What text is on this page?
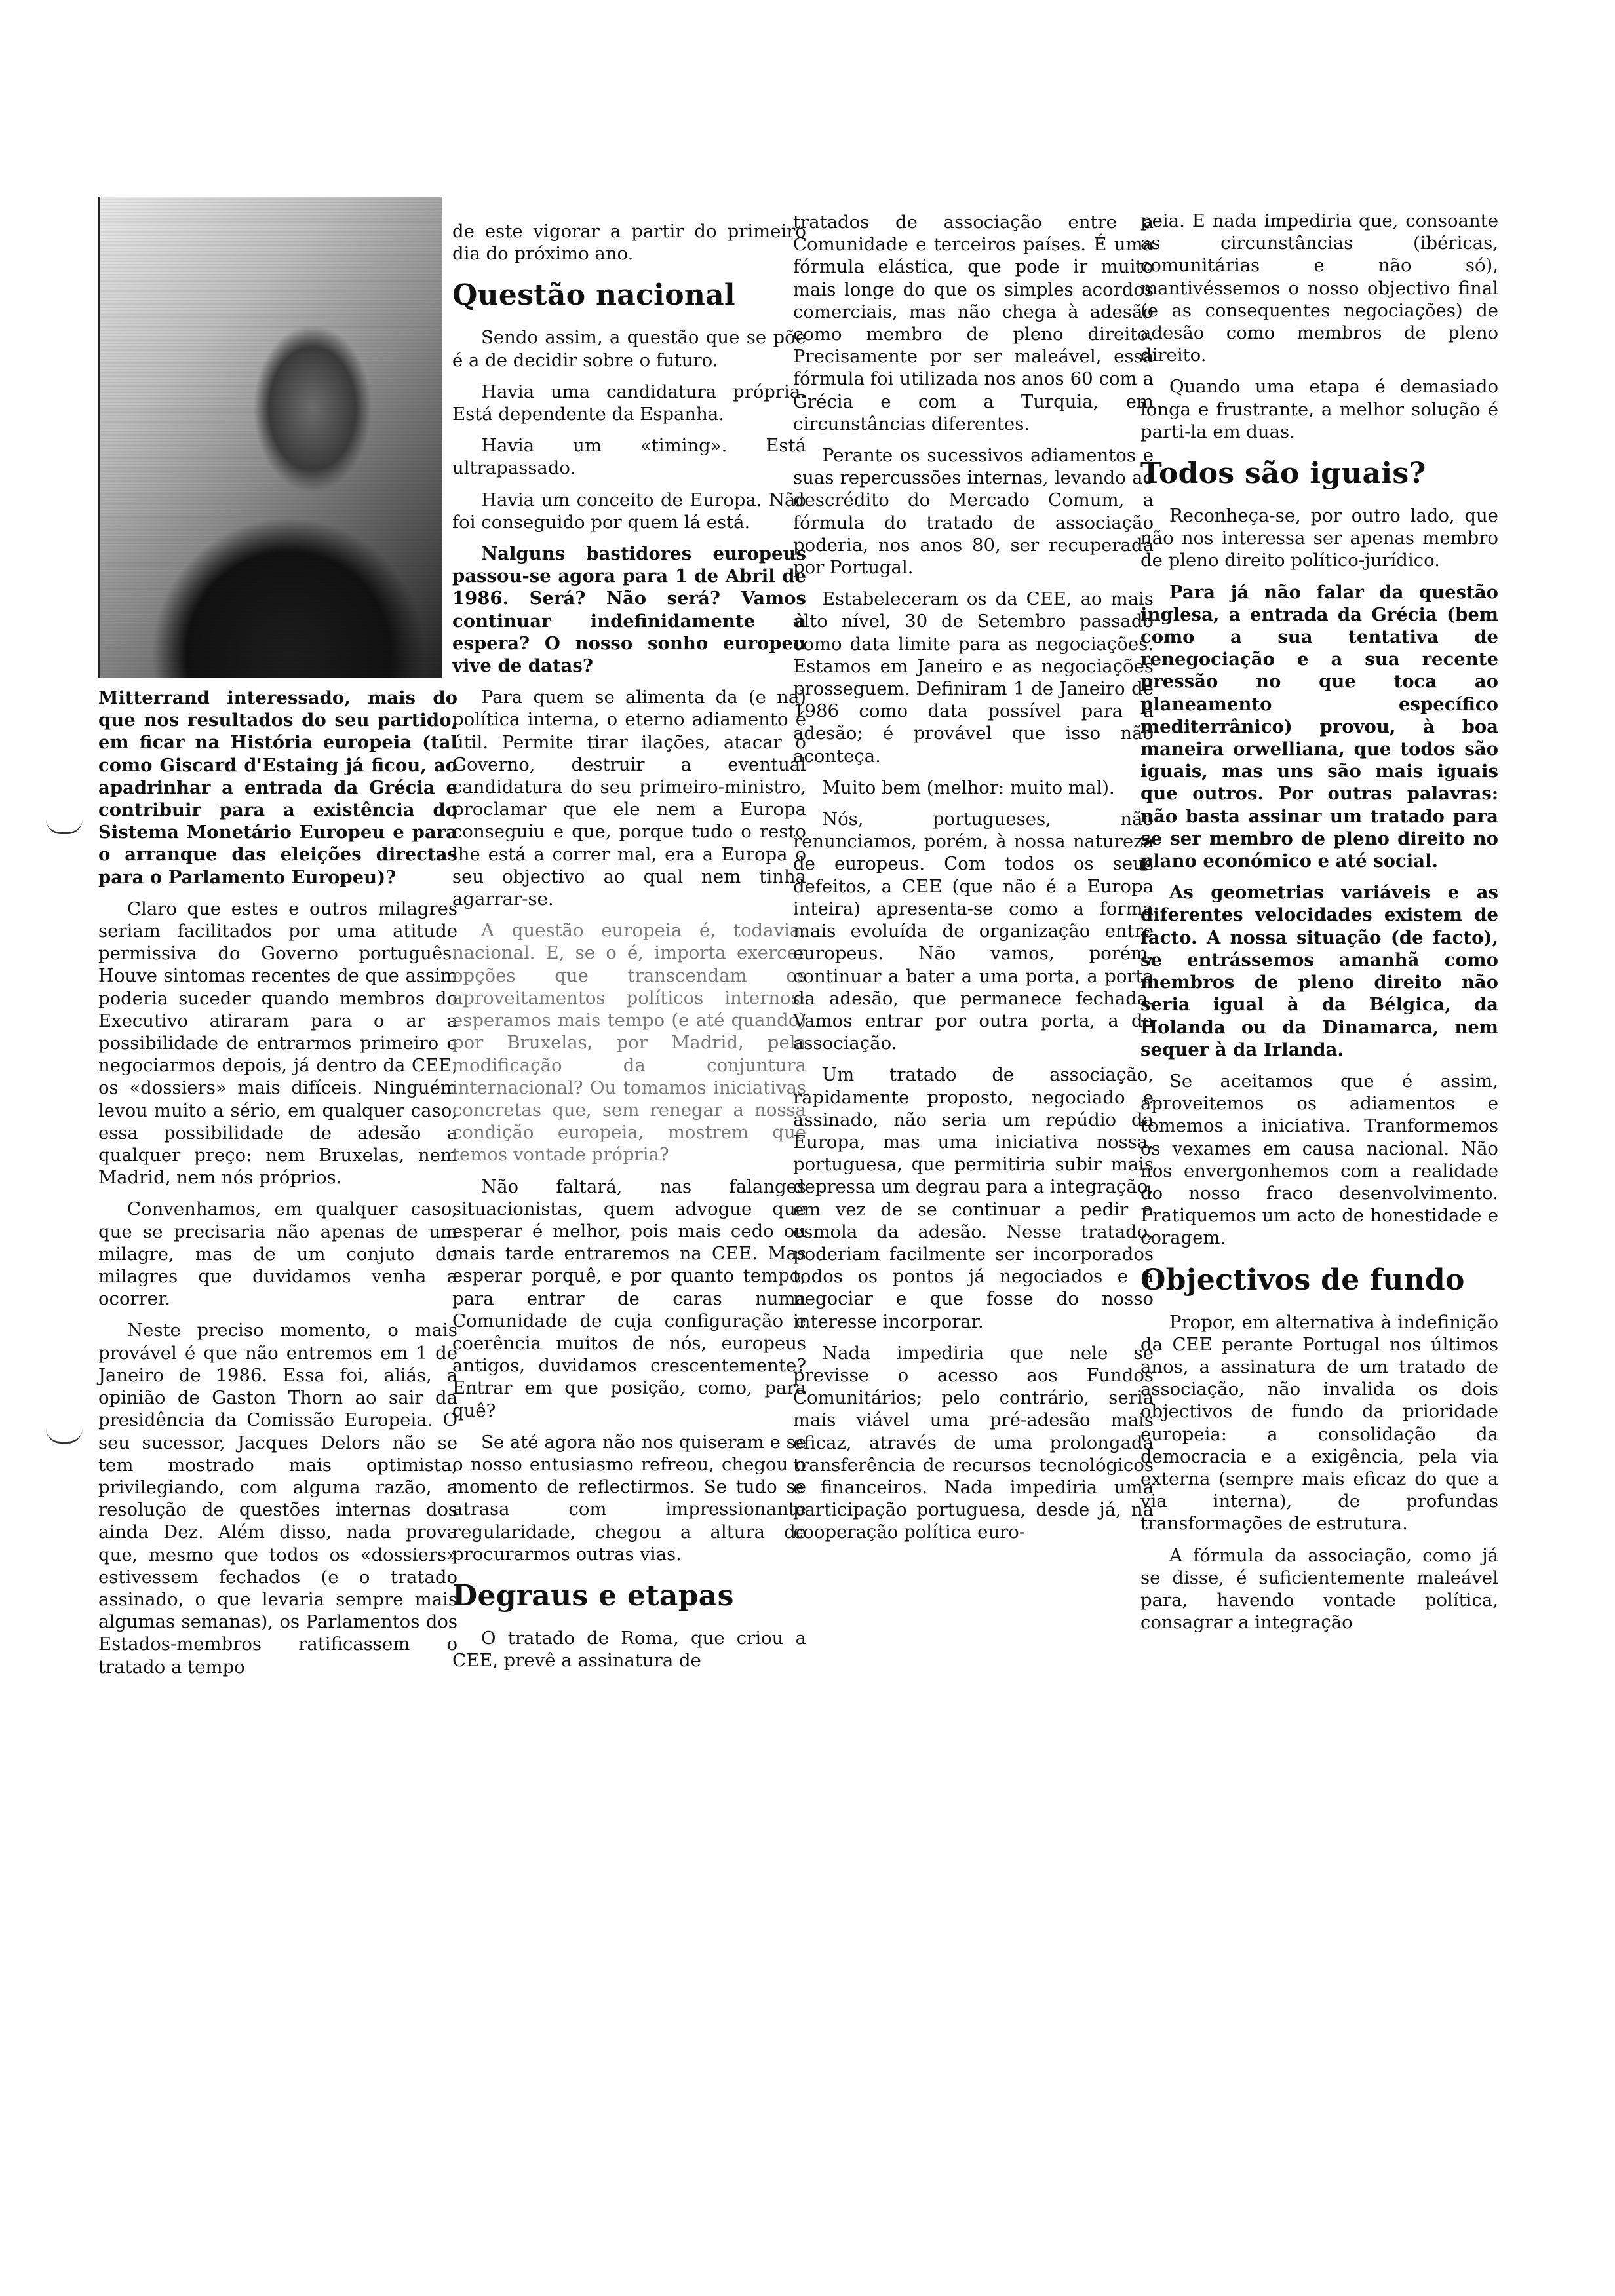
Mitterrand interessado, mais do que nos resultados do seu partido, em ficar na História europeia (tal como Giscard d'Estaing já ficou, ao apadrinhar a entrada da Grécia e contribuir para a existência do Sistema Monetário Europeu e para o arranque das eleições directas para o Parlamento Europeu)?

Claro que estes e outros milagres seriam facilitados por uma atitude permissiva do Governo português. Houve sintomas recentes de que assim poderia suceder quando membros do Executivo atiraram para o ar a possibilidade de entrarmos primeiro e negociarmos depois, já dentro da CEE, os «dossiers» mais difíceis. Ninguém levou muito a sério, em qualquer caso, essa possibilidade de adesão a qualquer preço: nem Bruxelas, nem Madrid, nem nós próprios.

Convenhamos, em qualquer caso, que se precisaria não apenas de um milagre, mas de um conjuto de milagres que duvidamos venha a ocorrer.

Neste preciso momento, o mais provável é que não entremos em 1 de Janeiro de 1986. Essa foi, aliás, a opinião de Gaston Thorn ao sair da presidência da Comissão Europeia. O seu sucessor, Jacques Delors não se tem mostrado mais optimista, privilegiando, com alguma razão, a resolução de questões internas dos ainda Dez. Além disso, nada prova que, mesmo que todos os «dossiers» estivessem fechados (e o tratado assinado, o que levaria sempre mais algumas semanas), os Parlamentos dos Estados-membros ratificassem o tratado a tempo

de este vigorar a partir do primeiro dia do próximo ano.

Questão nacional

Sendo assim, a questão que se põe é a de decidir sobre o futuro.

Havia uma candidatura própria. Está dependente da Espanha.

Havia um «timing». Está ultrapassado.

Havia um conceito de Europa. Não foi conseguido por quem lá está.

Nalguns bastidores europeus passou-se agora para 1 de Abril de 1986. Será? Não será? Vamos continuar indefinidamente à espera? O nosso sonho europeu vive de datas?

Para quem se alimenta da (e na) política interna, o eterno adiamento é útil. Permite tirar ilações, atacar o Governo, destruir a eventual candidatura do seu primeiro-ministro, proclamar que ele nem a Europa conseguiu e que, porque tudo o resto lhe está a correr mal, era a Europa o seu objectivo ao qual nem tinha agarrar-se.

A questão europeia é, todavia, nacional. E, se o é, importa exercer opções que transcendam os aproveitamentos políticos internos: esperamos mais tempo (e até quando) por Bruxelas, por Madrid, pela modificação da conjuntura internacional? Ou tomamos iniciativas concretas que, sem renegar a nossa condição europeia, mostrem que temos vontade própria?

Não faltará, nas falanges situacionistas, quem advogue que esperar é melhor, pois mais cedo ou mais tarde entraremos na CEE. Mas esperar porquê, e por quanto tempo, para entrar de caras numa Comunidade de cuja configuração e coerência muitos de nós, europeus antigos, duvidamos crescentemente? Entrar em que posição, como, para quê?

Se até agora não nos quiseram e se o nosso entusiasmo refreou, chegou o momento de reflectirmos. Se tudo se atrasa com impressionante regularidade, chegou a altura de procurarmos outras vias.

Degraus e etapas

O tratado de Roma, que criou a CEE, prevê a assinatura de

tratados de associação entre a Comunidade e terceiros países. É uma fórmula elástica, que pode ir muito mais longe do que os simples acordos comerciais, mas não chega à adesão como membro de pleno direito. Precisamente por ser maleável, essa fórmula foi utilizada nos anos 60 com a Grécia e com a Turquia, em circunstâncias diferentes.

Perante os sucessivos adiamentos e suas repercussões internas, levando ao descrédito do Mercado Comum, a fórmula do tratado de associação poderia, nos anos 80, ser recuperada por Portugal.

Estabeleceram os da CEE, ao mais alto nível, 30 de Setembro passado como data limite para as negociações. Estamos em Janeiro e as negociações prosseguem. Definiram 1 de Janeiro de 1986 como data possível para a adesão; é provável que isso não aconteça.

Muito bem (melhor: muito mal).

Nós, portugueses, não renunciamos, porém, à nossa natureza de europeus. Com todos os seus defeitos, a CEE (que não é a Europa inteira) apresenta-se como a forma mais evoluída de organização entre europeus. Não vamos, porém, continuar a bater a uma porta, a porta da adesão, que permanece fechada. Vamos entrar por outra porta, a da associação.

Um tratado de associação, rapidamente proposto, negociado e assinado, não seria um repúdio da Europa, mas uma iniciativa nossa, portuguesa, que permitiria subir mais depressa um degrau para a integração, em vez de se continuar a pedir a esmola da adesão. Nesse tratado, poderiam facilmente ser incorporados todos os pontos já negociados e a negociar e que fosse do nosso interesse incorporar.

Nada impediria que nele se previsse o acesso aos Fundos Comunitários; pelo contrário, seria mais viável uma pré-adesão mais eficaz, através de uma prolongada transferência de recursos tecnológicos e financeiros. Nada impediria uma participação portuguesa, desde já, na cooperação política euro-

peia. E nada impediria que, consoante as circunstâncias (ibéricas, comunitárias e não só), mantivéssemos o nosso objectivo final (e as consequentes negociações) de adesão como membros de pleno direito.

Quando uma etapa é demasiado longa e frustrante, a melhor solução é parti-la em duas.

Todos são iguais?

Reconheça-se, por outro lado, que não nos interessa ser apenas membro de pleno direito político-jurídico.

Para já não falar da questão inglesa, a entrada da Grécia (bem como a sua tentativa de renegociação e a sua recente pressão no que toca ao planeamento específico mediterrânico) provou, à boa maneira orwelliana, que todos são iguais, mas uns são mais iguais que outros. Por outras palavras: não basta assinar um tratado para se ser membro de pleno direito no plano económico e até social.

As geometrias variáveis e as diferentes velocidades existem de facto. A nossa situação (de facto), se entrássemos amanhã como membros de pleno direito não seria igual à da Bélgica, da Holanda ou da Dinamarca, nem sequer à da Irlanda.

Se aceitamos que é assim, aproveitemos os adiamentos e tomemos a iniciativa. Tranformemos os vexames em causa nacional. Não nos envergonhemos com a realidade do nosso fraco desenvolvimento. Pratiquemos um acto de honestidade e coragem.

Objectivos de fundo

Propor, em alternativa à indefinição da CEE perante Portugal nos últimos anos, a assinatura de um tratado de associação, não invalida os dois objectivos de fundo da prioridade europeia: a consolidação da democracia e a exigência, pela via externa (sempre mais eficaz do que a via interna), de profundas transformações de estrutura.

A fórmula da associação, como já se disse, é suficientemente maleável para, havendo vontade política, consagrar a integração
